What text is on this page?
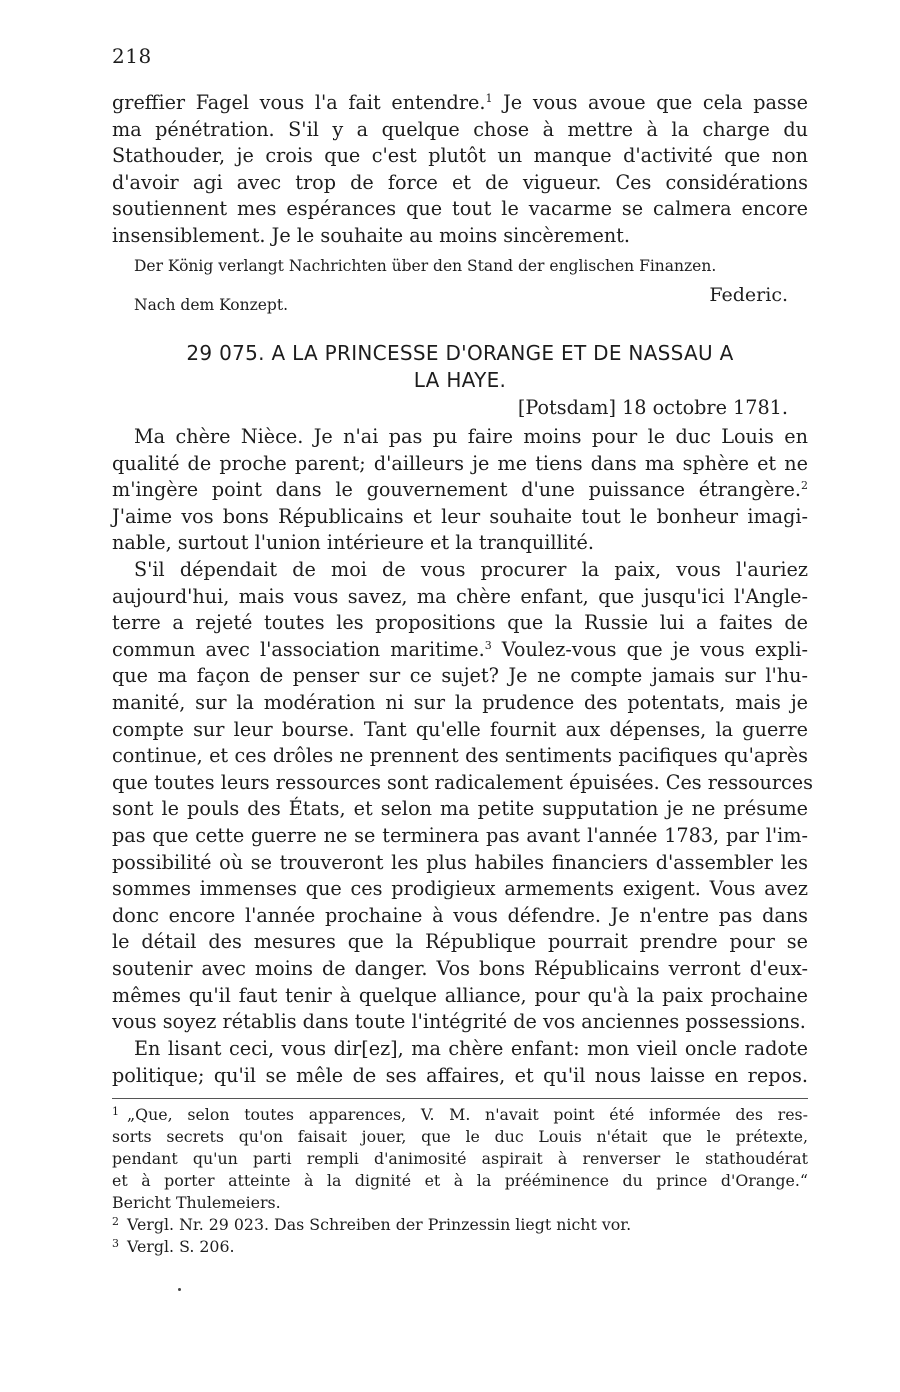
218
greffier Fagel vous l'a fait entendre.$^1$ Je vous avoue que cela passe
ma pénétration. S'il y a quelque chose à mettre à la charge du
Stathouder, je crois que c'est plutôt un manque d'activité que non
d'avoir agi avec trop de force et de vigueur. Ces considérations
soutiennent mes espérances que tout le vacarme se calmera encore
insensiblement. Je le souhaite au moins sincèrement.
Der König verlangt Nachrichten über den Stand der englischen Finanzen.
Nach dem Konzept.	Federic.
29 075. A LA PRINCESSE D'ORANGE ET DE NASSAU A
LA HAYE.
[Potsdam] 18 octobre 1781.
Ma chère Nièce. Je n'ai pas pu faire moins pour le duc Louis en
qualité de proche parent; d'ailleurs je me tiens dans ma sphère et ne
m'ingère point dans le gouvernement d'une puissance étrangère.$^2$
J'aime vos bons Républicains et leur souhaite tout le bonheur imagi-
nable, surtout l'union intérieure et la tranquillité.
S'il dépendait de moi de vous procurer la paix, vous l'auriez
aujourd'hui, mais vous savez, ma chère enfant, que jusqu'ici l'Angle-
terre a rejeté toutes les propositions que la Russie lui a faites de
commun avec l'association maritime.$^3$ Voulez-vous que je vous expli-
que ma façon de penser sur ce sujet? Je ne compte jamais sur l'hu-
manité, sur la modération ni sur la prudence des potentats, mais je
compte sur leur bourse. Tant qu'elle fournit aux dépenses, la guerre
continue, et ces drôles ne prennent des sentiments pacifiques qu'après
que toutes leurs ressources sont radicalement épuisées. Ces ressources
sont le pouls des États, et selon ma petite supputation je ne présume
pas que cette guerre ne se terminera pas avant l'année 1783, par l'im-
possibilité où se trouveront les plus habiles financiers d'assembler les
sommes immenses que ces prodigieux armements exigent. Vous avez
donc encore l'année prochaine à vous défendre. Je n'entre pas dans
le détail des mesures que la République pourrait prendre pour se
soutenir avec moins de danger. Vos bons Républicains verront d'eux-
mêmes qu'il faut tenir à quelque alliance, pour qu'à la paix prochaine
vous soyez rétablis dans toute l'intégrité de vos anciennes possessions.
En lisant ceci, vous dir[ez], ma chère enfant: mon vieil oncle radote
politique; qu'il se mêle de ses affaires, et qu'il nous laisse en repos.
$^1$ „Que, selon toutes apparences, V. M. n'avait point été informée des res-
sorts secrets qu'on faisait jouer, que le duc Louis n'était que le prétexte,
pendant qu'un parti rempli d'animosité aspirait à renverser le stathoudérat
et à porter atteinte à la dignité et à la prééminence du prince d'Orange.“
Bericht Thulemeiers.
$^2$ Vergl. Nr. 29 023. Das Schreiben der Prinzessin liegt nicht vor.
$^3$ Vergl. S. 206.
